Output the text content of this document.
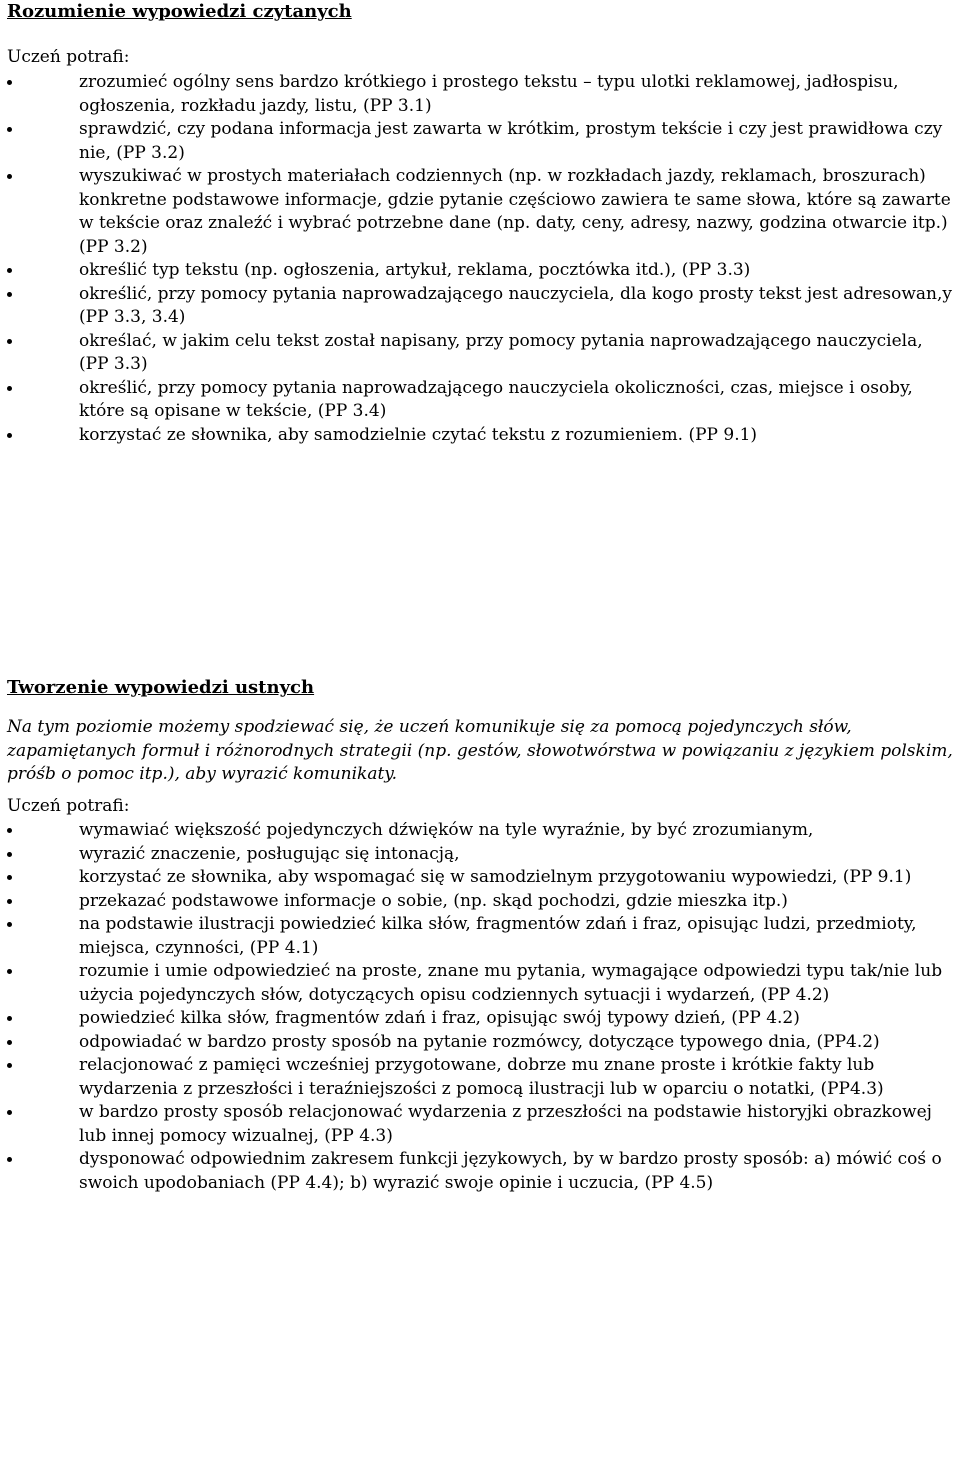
Rozumienie wypowiedzi czytanych

Uczeń potrafi:

zrozumieć ogólny sens bardzo krótkiego i prostego tekstu – typu ulotki reklamowej, jadłospisu, ogłoszenia, rozkładu jazdy, listu, (PP 3.1)
sprawdzić, czy podana informacja jest zawarta w krótkim, prostym tekście i czy jest prawidłowa czy nie, (PP 3.2)
wyszukiwać w prostych materiałach codziennych (np. w rozkładach jazdy, reklamach, broszurach) konkretne podstawowe informacje, gdzie pytanie częściowo zawiera te same słowa, które są zawarte w tekście oraz znaleźć i wybrać potrzebne dane (np. daty, ceny, adresy, nazwy, godzina otwarcie itp.) (PP 3.2)
określić typ tekstu (np. ogłoszenia, artykuł, reklama, pocztówka itd.), (PP 3.3)
określić, przy pomocy pytania naprowadzającego nauczyciela, dla kogo prosty tekst jest adresowan,y (PP 3.3, 3.4)
określać, w jakim celu tekst został napisany, przy pomocy pytania naprowadzającego nauczyciela, (PP 3.3)
określić, przy pomocy pytania naprowadzającego nauczyciela okoliczności, czas, miejsce i osoby, które są opisane w tekście, (PP 3.4)
korzystać ze słownika, aby samodzielnie czytać tekstu z rozumieniem. (PP 9.1)
Tworzenie wypowiedzi ustnych

Na tym poziomie możemy spodziewać się, że uczeń komunikuje się za pomocą pojedynczych słów, zapamiętanych formuł i różnorodnych strategii (np. gestów, słowotwórstwa w powiązaniu z językiem polskim, próśb o pomoc itp.), aby wyrazić komunikaty.

Uczeń potrafi:

wymawiać większość pojedynczych dźwięków na tyle wyraźnie, by być zrozumianym,
wyrazić znaczenie, posługując się intonacją,
korzystać ze słownika, aby wspomagać się w samodzielnym przygotowaniu wypowiedzi, (PP 9.1)
przekazać podstawowe informacje o sobie, (np. skąd pochodzi, gdzie mieszka itp.)
na podstawie ilustracji powiedzieć kilka słów, fragmentów zdań i fraz, opisując ludzi, przedmioty, miejsca, czynności, (PP 4.1)
rozumie i umie odpowiedzieć na proste, znane mu pytania, wymagające odpowiedzi typu tak/nie lub użycia pojedynczych słów, dotyczących opisu codziennych sytuacji i wydarzeń, (PP 4.2)
powiedzieć kilka słów, fragmentów zdań i fraz, opisując swój typowy dzień, (PP 4.2)
odpowiadać w bardzo prosty sposób na pytanie rozmówcy, dotyczące typowego dnia, (PP4.2)
relacjonować z pamięci wcześniej przygotowane, dobrze mu znane proste i krótkie fakty lub wydarzenia z przeszłości i teraźniejszości z pomocą ilustracji lub w oparciu o notatki, (PP4.3)
w bardzo prosty sposób relacjonować wydarzenia z przeszłości na podstawie historyjki obrazkowej lub innej pomocy wizualnej, (PP 4.3)
dysponować odpowiednim zakresem funkcji językowych, by w bardzo prosty sposób: a) mówić coś o swoich upodobaniach (PP 4.4); b) wyrazić swoje opinie i uczucia, (PP 4.5)
